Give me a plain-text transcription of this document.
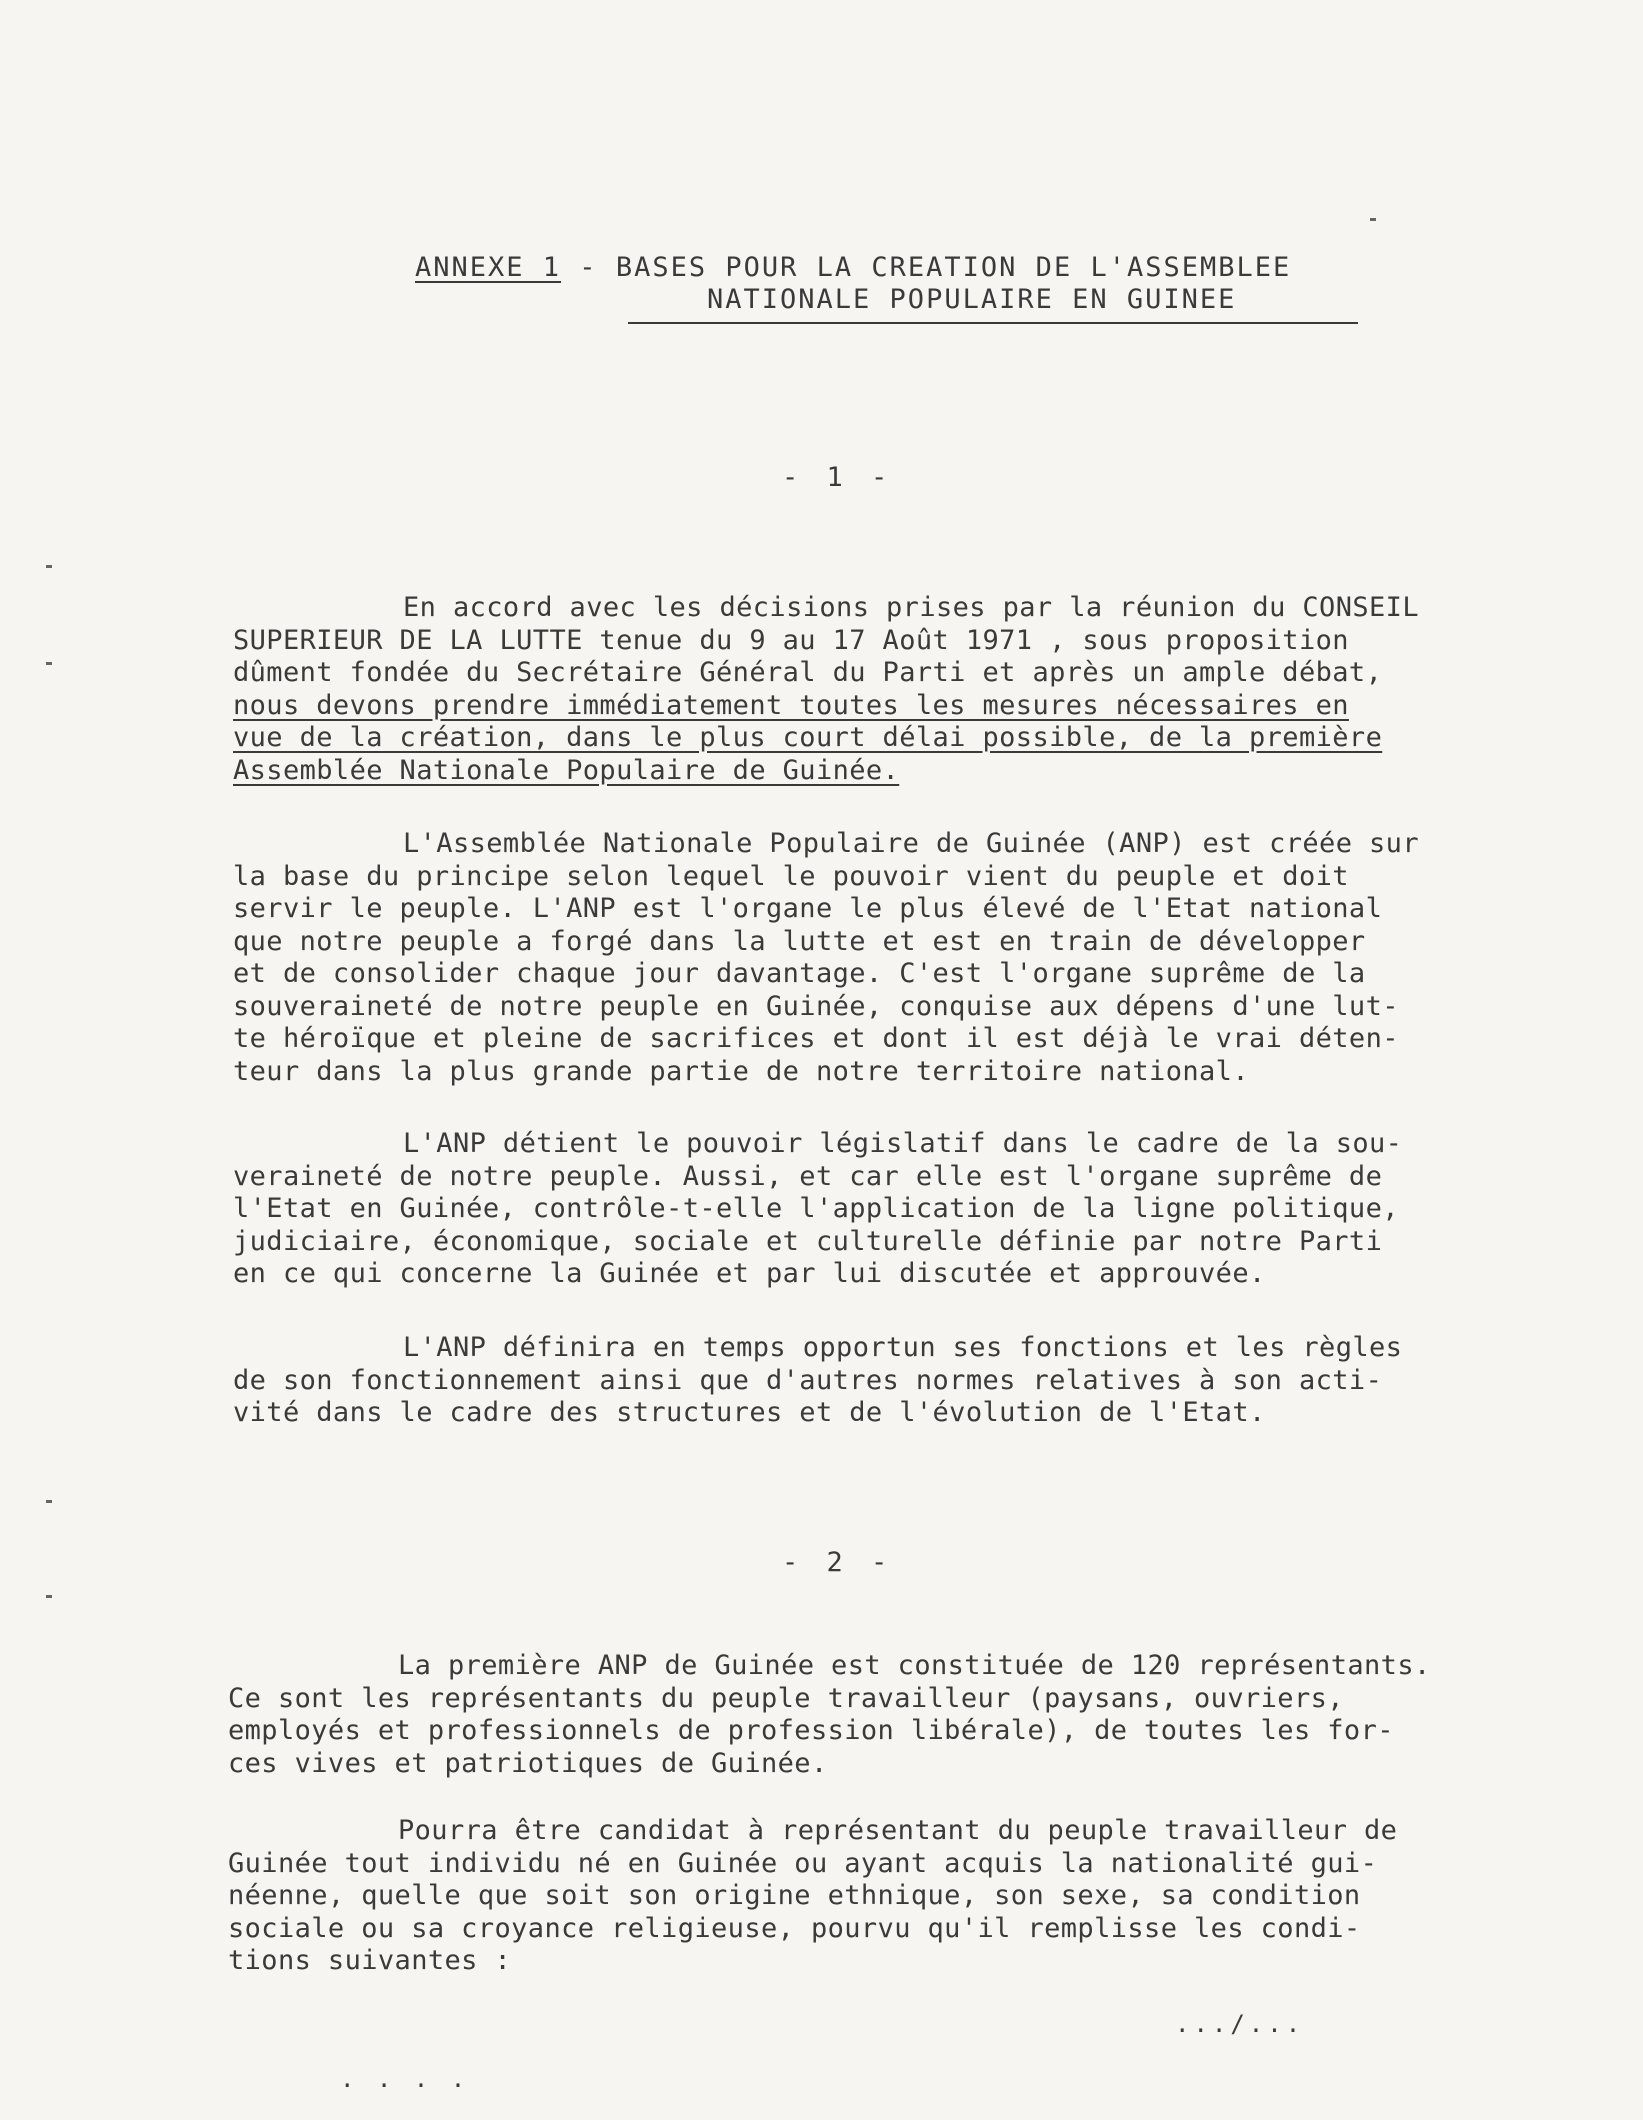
ANNEXE 1 - BASES POUR LA CREATION DE L'ASSEMBLEE
NATIONALE POPULAIRE EN GUINEE
- 1 -
En accord avec les décisions prises par la réunion du CONSEIL
SUPERIEUR DE LA LUTTE tenue du 9 au 17 Août 1971 , sous proposition
dûment fondée du Secrétaire Général du Parti et après un ample débat,
nous devons prendre immédiatement toutes les mesures nécessaires en
vue de la création, dans le plus court délai possible, de la première
Assemblée Nationale Populaire de Guinée.
L'Assemblée Nationale Populaire de Guinée (ANP) est créée sur
la base du principe selon lequel le pouvoir vient du peuple et doit
servir le peuple. L'ANP est l'organe le plus élevé de l'Etat national
que notre peuple a forgé dans la lutte et est en train de développer
et de consolider chaque jour davantage. C'est l'organe suprême de la
souveraineté de notre peuple en Guinée, conquise aux dépens d'une lut-
te héroïque et pleine de sacrifices et dont il est déjà le vrai déten-
teur dans la plus grande partie de notre territoire national.
L'ANP détient le pouvoir législatif dans le cadre de la sou-
veraineté de notre peuple. Aussi, et car elle est l'organe suprême de
l'Etat en Guinée, contrôle-t-elle l'application de la ligne politique,
judiciaire, économique, sociale et culturelle définie par notre Parti
en ce qui concerne la Guinée et par lui discutée et approuvée.
L'ANP définira en temps opportun ses fonctions et les règles
de son fonctionnement ainsi que d'autres normes relatives à son acti-
vité dans le cadre des structures et de l'évolution de l'Etat.
- 2 -
La première ANP de Guinée est constituée de 120 représentants.
Ce sont les représentants du peuple travailleur (paysans, ouvriers,
employés et professionnels de profession libérale), de toutes les for-
ces vives et patriotiques de Guinée.
Pourra être candidat à représentant du peuple travailleur de
Guinée tout individu né en Guinée ou ayant acquis la nationalité gui-
néenne, quelle que soit son origine ethnique, son sexe, sa condition
sociale ou sa croyance religieuse, pourvu qu'il remplisse les condi-
tions suivantes :
.../...
. . . .
